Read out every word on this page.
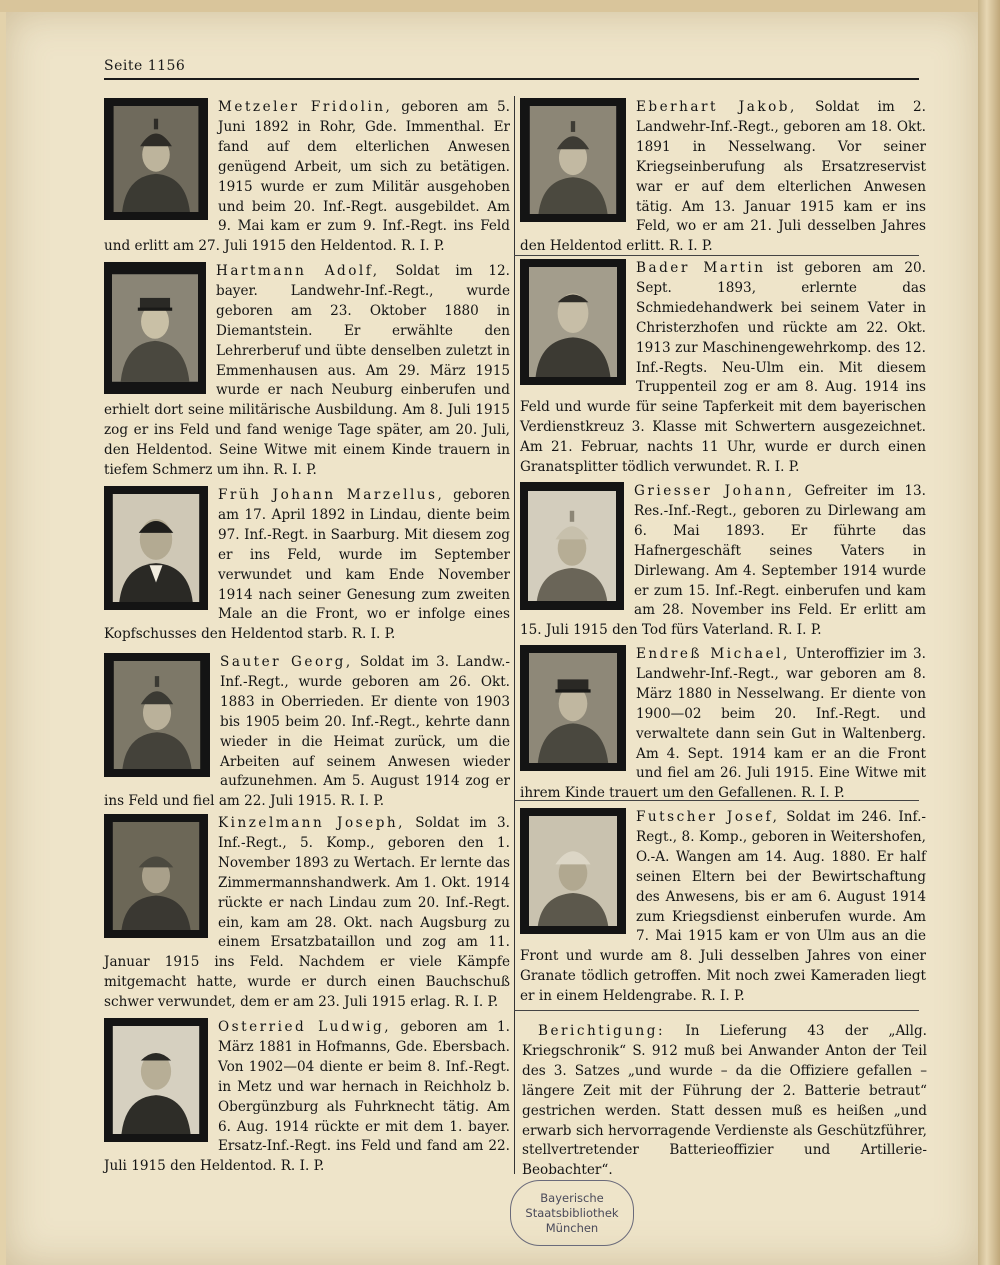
Seite 1156

Metzeler Fridolin, geboren am 5. Juni 1892 in Rohr, Gde. Immenthal. Er fand auf dem elterlichen Anwesen genügend Arbeit, um sich zu betätigen. 1915 wurde er zum Militär ausgehoben und beim 20. Inf.-Regt. ausgebildet. Am 9. Mai kam er zum 9. Inf.-Regt. ins Feld und erlitt am 27. Juli 1915 den Heldentod. R. I. P.

Hartmann Adolf, Soldat im 12. bayer. Landwehr-Inf.-Regt., wurde geboren am 23. Oktober 1880 in Diemantstein. Er erwählte den Lehrerberuf und übte denselben zuletzt in Emmenhausen aus. Am 29. März 1915 wurde er nach Neuburg einberufen und erhielt dort seine militärische Ausbildung. Am 8. Juli 1915 zog er ins Feld und fand wenige Tage später, am 20. Juli, den Heldentod. Seine Witwe mit einem Kinde trauern in tiefem Schmerz um ihn. R. I. P.

Früh Johann Marzellus, geboren am 17. April 1892 in Lindau, diente beim 97. Inf.-Regt. in Saarburg. Mit diesem zog er ins Feld, wurde im September verwundet und kam Ende November 1914 nach seiner Genesung zum zweiten Male an die Front, wo er infolge eines Kopfschusses den Heldentod starb. R. I. P.

Sauter Georg, Soldat im 3. Landw.-Inf.-Regt., wurde geboren am 26. Okt. 1883 in Oberrieden. Er diente von 1903 bis 1905 beim 20. Inf.-Regt., kehrte dann wieder in die Heimat zurück, um die Arbeiten auf seinem Anwesen wieder aufzunehmen. Am 5. August 1914 zog er ins Feld und fiel am 22. Juli 1915. R. I. P.

Kinzelmann Joseph, Soldat im 3. Inf.-Regt., 5. Komp., geboren den 1. November 1893 zu Wertach. Er lernte das Zimmermannshandwerk. Am 1. Okt. 1914 rückte er nach Lindau zum 20. Inf.-Regt. ein, kam am 28. Okt. nach Augsburg zu einem Ersatzbataillon und zog am 11. Januar 1915 ins Feld. Nachdem er viele Kämpfe mitgemacht hatte, wurde er durch einen Bauchschuß schwer verwundet, dem er am 23. Juli 1915 erlag. R. I. P.

Osterried Ludwig, geboren am 1. März 1881 in Hofmanns, Gde. Ebersbach. Von 1902—04 diente er beim 8. Inf.-Regt. in Metz und war hernach in Reichholz b. Obergünzburg als Fuhrknecht tätig. Am 6. Aug. 1914 rückte er mit dem 1. bayer. Ersatz-Inf.-Regt. ins Feld und fand am 22. Juli 1915 den Heldentod. R. I. P.

Eberhart Jakob, Soldat im 2. Landwehr-Inf.-Regt., geboren am 18. Okt. 1891 in Nesselwang. Vor seiner Kriegseinberufung als Ersatzreservist war er auf dem elterlichen Anwesen tätig. Am 13. Januar 1915 kam er ins Feld, wo er am 21. Juli desselben Jahres den Heldentod erlitt. R. I. P.

Bader Martin ist geboren am 20. Sept. 1893, erlernte das Schmiedehandwerk bei seinem Vater in Christerzhofen und rückte am 22. Okt. 1913 zur Maschinengewehrkomp. des 12. Inf.-Regts. Neu-Ulm ein. Mit diesem Truppenteil zog er am 8. Aug. 1914 ins Feld und wurde für seine Tapferkeit mit dem bayerischen Verdienstkreuz 3. Klasse mit Schwertern ausgezeichnet. Am 21. Februar, nachts 11 Uhr, wurde er durch einen Granatsplitter tödlich verwundet. R. I. P.

Griesser Johann, Gefreiter im 13. Res.-Inf.-Regt., geboren zu Dirlewang am 6. Mai 1893. Er führte das Hafnergeschäft seines Vaters in Dirlewang. Am 4. September 1914 wurde er zum 15. Inf.-Regt. einberufen und kam am 28. November ins Feld. Er erlitt am 15. Juli 1915 den Tod fürs Vaterland. R. I. P.

Endreß Michael, Unteroffizier im 3. Landwehr-Inf.-Regt., war geboren am 8. März 1880 in Nesselwang. Er diente von 1900—02 beim 20. Inf.-Regt. und verwaltete dann sein Gut in Waltenberg. Am 4. Sept. 1914 kam er an die Front und fiel am 26. Juli 1915. Eine Witwe mit ihrem Kinde trauert um den Gefallenen. R. I. P.

Futscher Josef, Soldat im 246. Inf.-Regt., 8. Komp., geboren in Weitershofen, O.-A. Wangen am 14. Aug. 1880. Er half seinen Eltern bei der Bewirtschaftung des Anwesens, bis er am 6. August 1914 zum Kriegsdienst einberufen wurde. Am 7. Mai 1915 kam er von Ulm aus an die Front und wurde am 8. Juli desselben Jahres von einer Granate tödlich getroffen. Mit noch zwei Kameraden liegt er in einem Heldengrabe. R. I. P.

Berichtigung: In Lieferung 43 der „Allg. Kriegschronik“ S. 912 muß bei Anwander Anton der Teil des 3. Satzes „und wurde – da die Offiziere gefallen – längere Zeit mit der Führung der 2. Batterie betraut“ gestrichen werden. Statt dessen muß es heißen „und erwarb sich hervorragende Verdienste als Geschützführer, stellvertretender Batterieoffizier und Artillerie-Beobachter“.
Bayerische
Staatsbibliothek
München
